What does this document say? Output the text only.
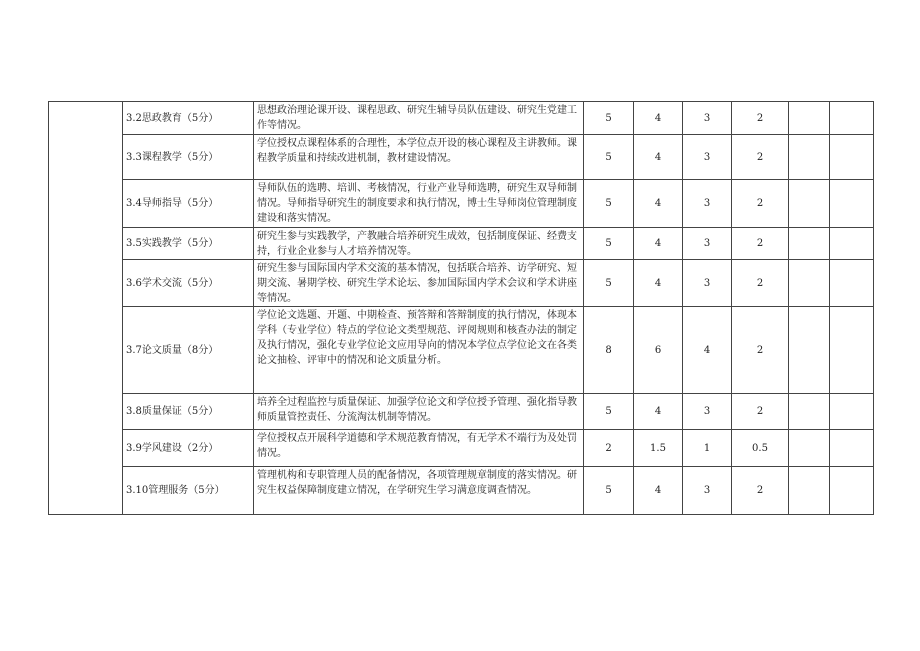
	3.2思政教育（5分）	思想政治理论课开设、课程思政、研究生辅导员队伍建设、研究生党建工作等情况。	5	4	3	2		
	3.3课程教学（5分）	学位授权点课程体系的合理性，本学位点开设的核心课程及主讲教师。课程教学质量和持续改进机制，教材建设情况。	5	4	3	2		
	3.4导师指导（5分）	导师队伍的选聘、培训、考核情况，行业产业导师选聘，研究生双导师制情况。导师指导研究生的制度要求和执行情况，博士生导师岗位管理制度建设和落实情况。	5	4	3	2		
	3.5实践教学（5分）	研究生参与实践教学，产教融合培养研究生成效，包括制度保证、经费支持，行业企业参与人才培养情况等。	5	4	3	2		
	3.6学术交流（5分）	研究生参与国际国内学术交流的基本情况，包括联合培养、访学研究、短期交流、暑期学校、研究生学术论坛、参加国际国内学术会议和学术讲座等情况。	5	4	3	2		
	3.7论文质量（8分）	学位论文选题、开题、中期检查、预答辩和答辩制度的执行情况，体现本学科（专业学位）特点的学位论文类型规范、评阅规则和核查办法的制定及执行情况，强化专业学位论文应用导向的情况本学位点学位论文在各类论文抽检、评审中的情况和论文质量分析。	8	6	4	2		
	3.8质量保证（5分）	培养全过程监控与质量保证、加强学位论文和学位授予管理、强化指导教师质量管控责任、分流淘汰机制等情况。	5	4	3	2		
	3.9学风建设（2分）	学位授权点开展科学道德和学术规范教育情况，有无学术不端行为及处罚情况。	2	1.5	1	0.5		
	3.10管理服务（5分）	管理机构和专职管理人员的配备情况，各项管理规章制度的落实情况。研究生权益保障制度建立情况，在学研究生学习满意度调查情况。	5	4	3	2		
